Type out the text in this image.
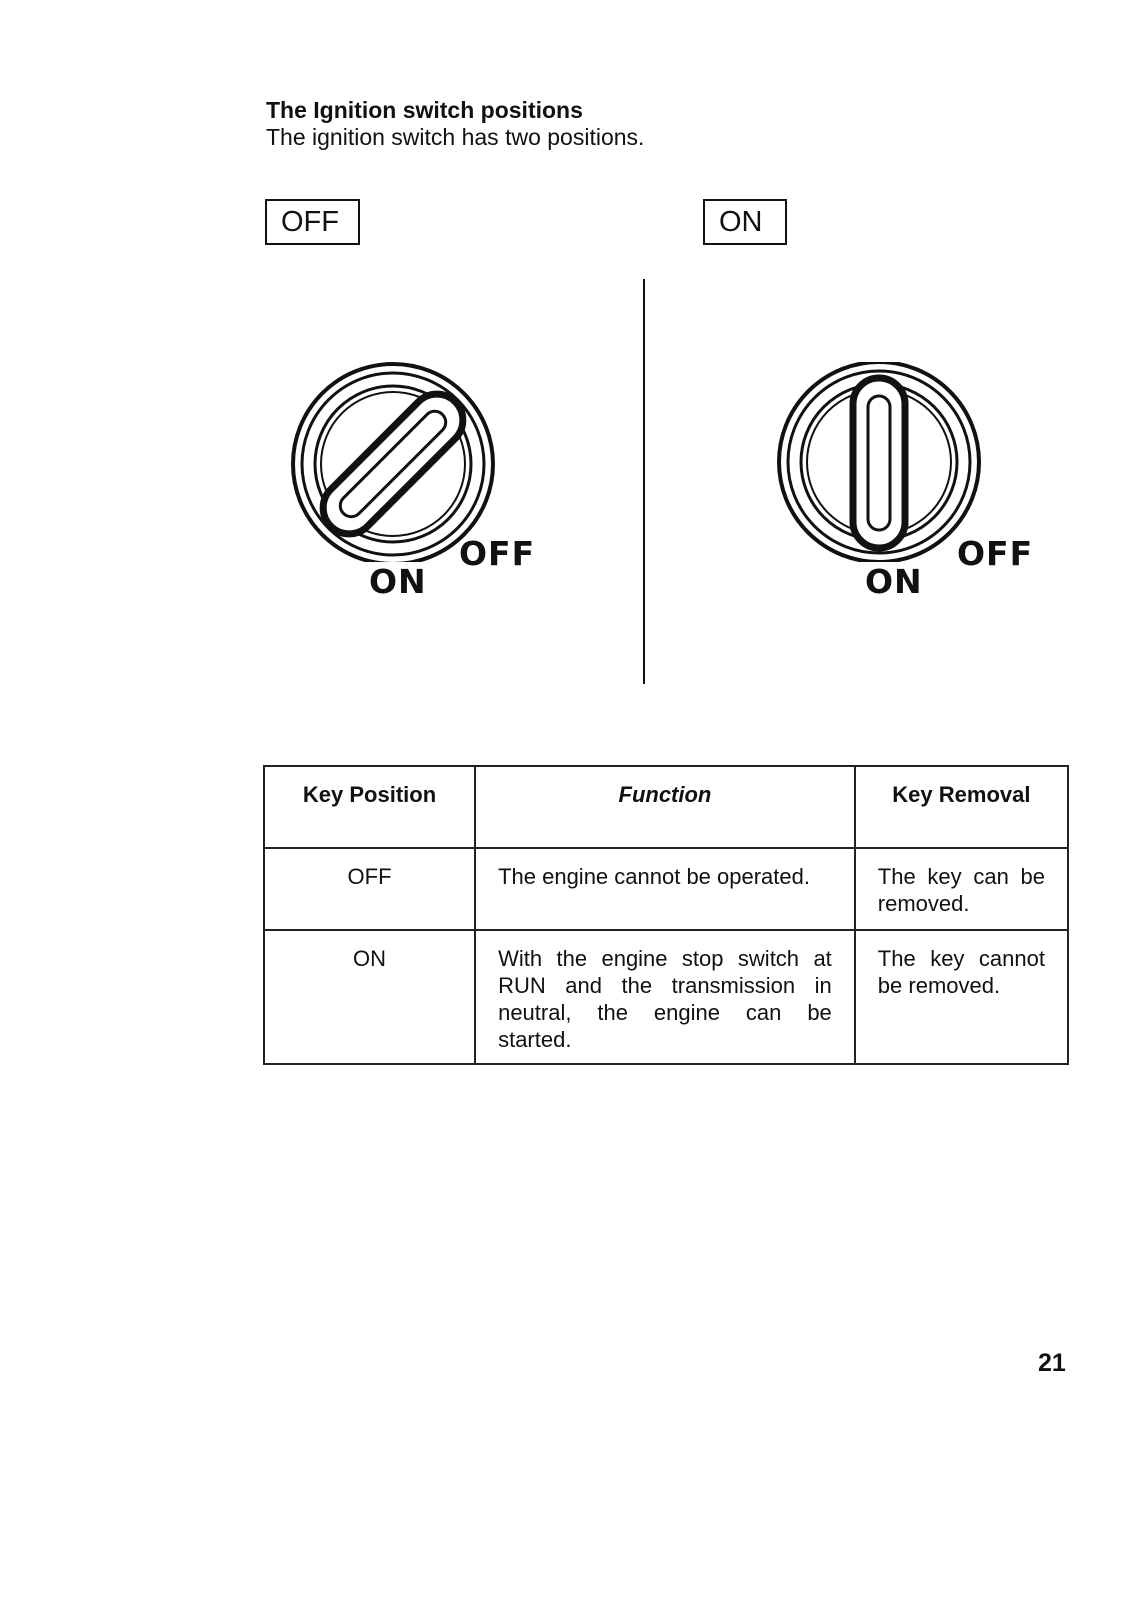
The Ignition switch positions

The ignition switch has two positions.

OFF	ON
ON
OFF
ON
OFF
Key Position	Function	Key Removal
OFF	The engine cannot be operated.	The key can be removed.
ON	With the engine stop switch at RUN and the transmission in neutral, the engine can be started.	The key cannot be removed.
21
